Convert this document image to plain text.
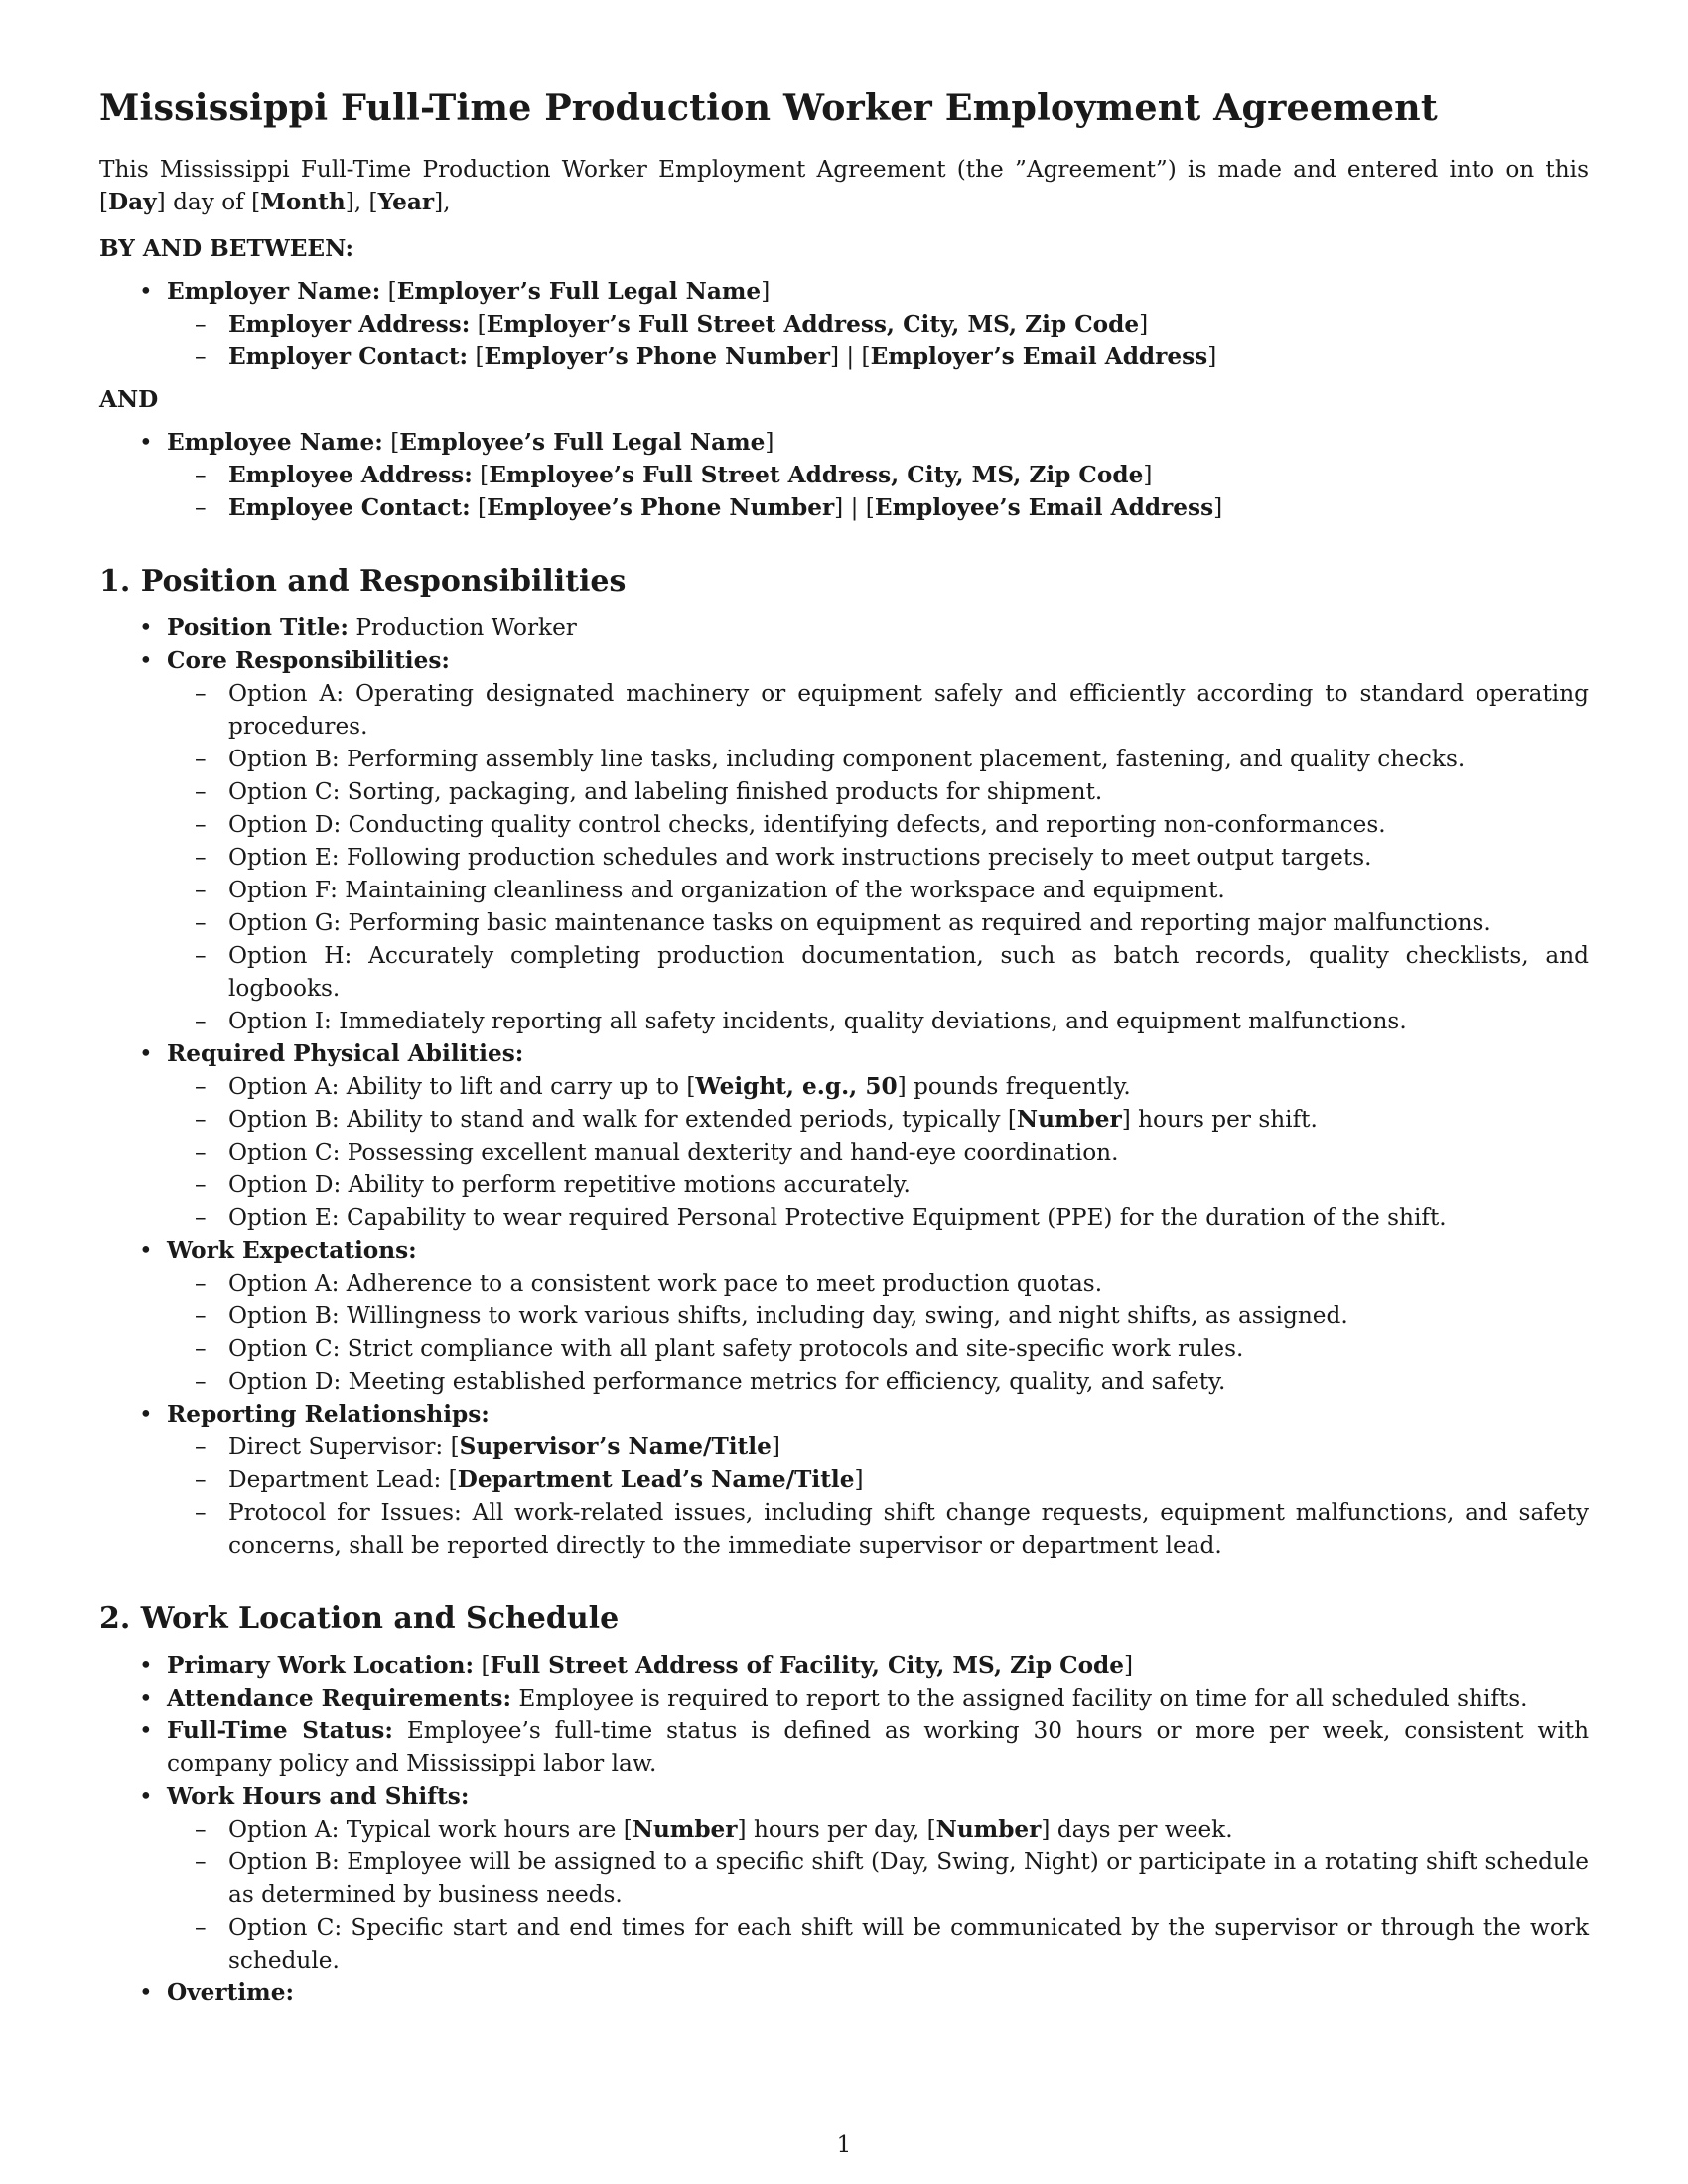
Mississippi Full-Time Production Worker Employment Agreement

This Mississippi Full-Time Production Worker Employment Agreement (the ”Agreement”) is made and entered into on this [Day] day of [Month], [Year],

BY AND BETWEEN:
• Employer Name: [Employer’s Full Legal Name]
– Employer Address: [Employer’s Full Street Address, City, MS, Zip Code]
– Employer Contact: [Employer’s Phone Number] | [Employer’s Email Address]
AND
• Employee Name: [Employee’s Full Legal Name]
– Employee Address: [Employee’s Full Street Address, City, MS, Zip Code]
– Employee Contact: [Employee’s Phone Number] | [Employee’s Email Address]
1. Position and Responsibilities
• Position Title: Production Worker
• Core Responsibilities:
– Option A: Operating designated machinery or equipment safely and efficiently according to standard operating procedures.
– Option B: Performing assembly line tasks, including component placement, fastening, and quality checks.
– Option C: Sorting, packaging, and labeling finished products for shipment.
– Option D: Conducting quality control checks, identifying defects, and reporting non-conformances.
– Option E: Following production schedules and work instructions precisely to meet output targets.
– Option F: Maintaining cleanliness and organization of the workspace and equipment.
– Option G: Performing basic maintenance tasks on equipment as required and reporting major malfunctions.
– Option H: Accurately completing production documentation, such as batch records, quality checklists, and logbooks.
– Option I: Immediately reporting all safety incidents, quality deviations, and equipment malfunctions.
• Required Physical Abilities:
– Option A: Ability to lift and carry up to [Weight, e.g., 50] pounds frequently.
– Option B: Ability to stand and walk for extended periods, typically [Number] hours per shift.
– Option C: Possessing excellent manual dexterity and hand-eye coordination.
– Option D: Ability to perform repetitive motions accurately.
– Option E: Capability to wear required Personal Protective Equipment (PPE) for the duration of the shift.
• Work Expectations:
– Option A: Adherence to a consistent work pace to meet production quotas.
– Option B: Willingness to work various shifts, including day, swing, and night shifts, as assigned.
– Option C: Strict compliance with all plant safety protocols and site-specific work rules.
– Option D: Meeting established performance metrics for efficiency, quality, and safety.
• Reporting Relationships:
– Direct Supervisor: [Supervisor’s Name/Title]
– Department Lead: [Department Lead’s Name/Title]
– Protocol for Issues: All work-related issues, including shift change requests, equipment malfunctions, and safety concerns, shall be reported directly to the immediate supervisor or department lead.
2. Work Location and Schedule
• Primary Work Location: [Full Street Address of Facility, City, MS, Zip Code]
• Attendance Requirements: Employee is required to report to the assigned facility on time for all scheduled shifts.
• Full-Time Status: Employee’s full-time status is defined as working 30 hours or more per week, consistent with company policy and Mississippi labor law.
• Work Hours and Shifts:
– Option A: Typical work hours are [Number] hours per day, [Number] days per week.
– Option B: Employee will be assigned to a specific shift (Day, Swing, Night) or participate in a rotating shift schedule as determined by business needs.
– Option C: Specific start and end times for each shift will be communicated by the supervisor or through the work schedule.
• Overtime:
1
